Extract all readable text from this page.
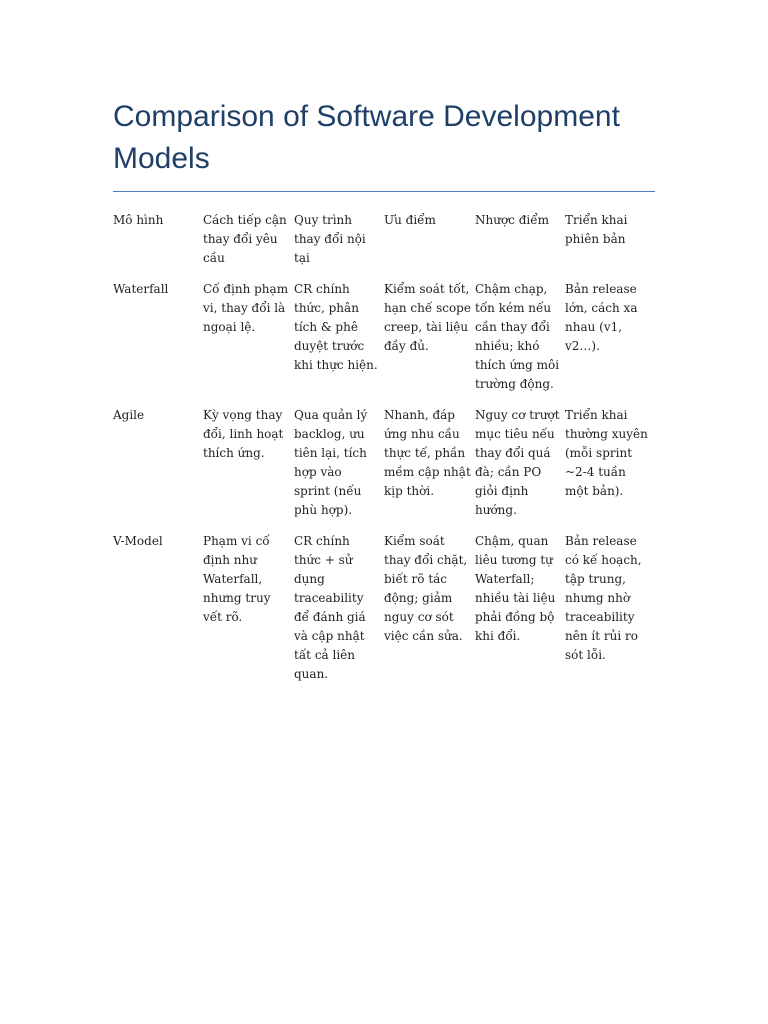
Comparison of Software Development Models
Mô hình	Cách tiếp cận thay đổi yêu cầu	Quy trình thay đổi nội tại	Ưu điểm	Nhược điểm	Triển khai phiên bản
Waterfall	Cố định phạm vi, thay đổi là ngoại lệ.	CR chính thức, phân tích & phê duyệt trước khi thực hiện.	Kiểm soát tốt, hạn chế scope creep, tài liệu đầy đủ.	Chậm chạp, tốn kém nếu cần thay đổi nhiều; khó thích ứng môi trường động.	Bản release lớn, cách xa nhau (v1, v2…).
Agile	Kỳ vọng thay đổi, linh hoạt thích ứng.	Qua quản lý backlog, ưu tiên lại, tích hợp vào sprint (nếu phù hợp).	Nhanh, đáp ứng nhu cầu thực tế, phần mềm cập nhật kịp thời.	Nguy cơ trượt mục tiêu nếu thay đổi quá đà; cần PO giỏi định hướng.	Triển khai thường xuyên (mỗi sprint ~2-4 tuần một bản).
V-Model	Phạm vi cố định như Waterfall, nhưng truy vết rõ.	CR chính thức + sử dụng traceability để đánh giá và cập nhật tất cả liên quan.	Kiểm soát thay đổi chặt, biết rõ tác động; giảm nguy cơ sót việc cần sửa.	Chậm, quan liêu tương tự Waterfall; nhiều tài liệu phải đồng bộ khi đổi.	Bản release có kế hoạch, tập trung, nhưng nhờ traceability nên ít rủi ro sót lỗi.
